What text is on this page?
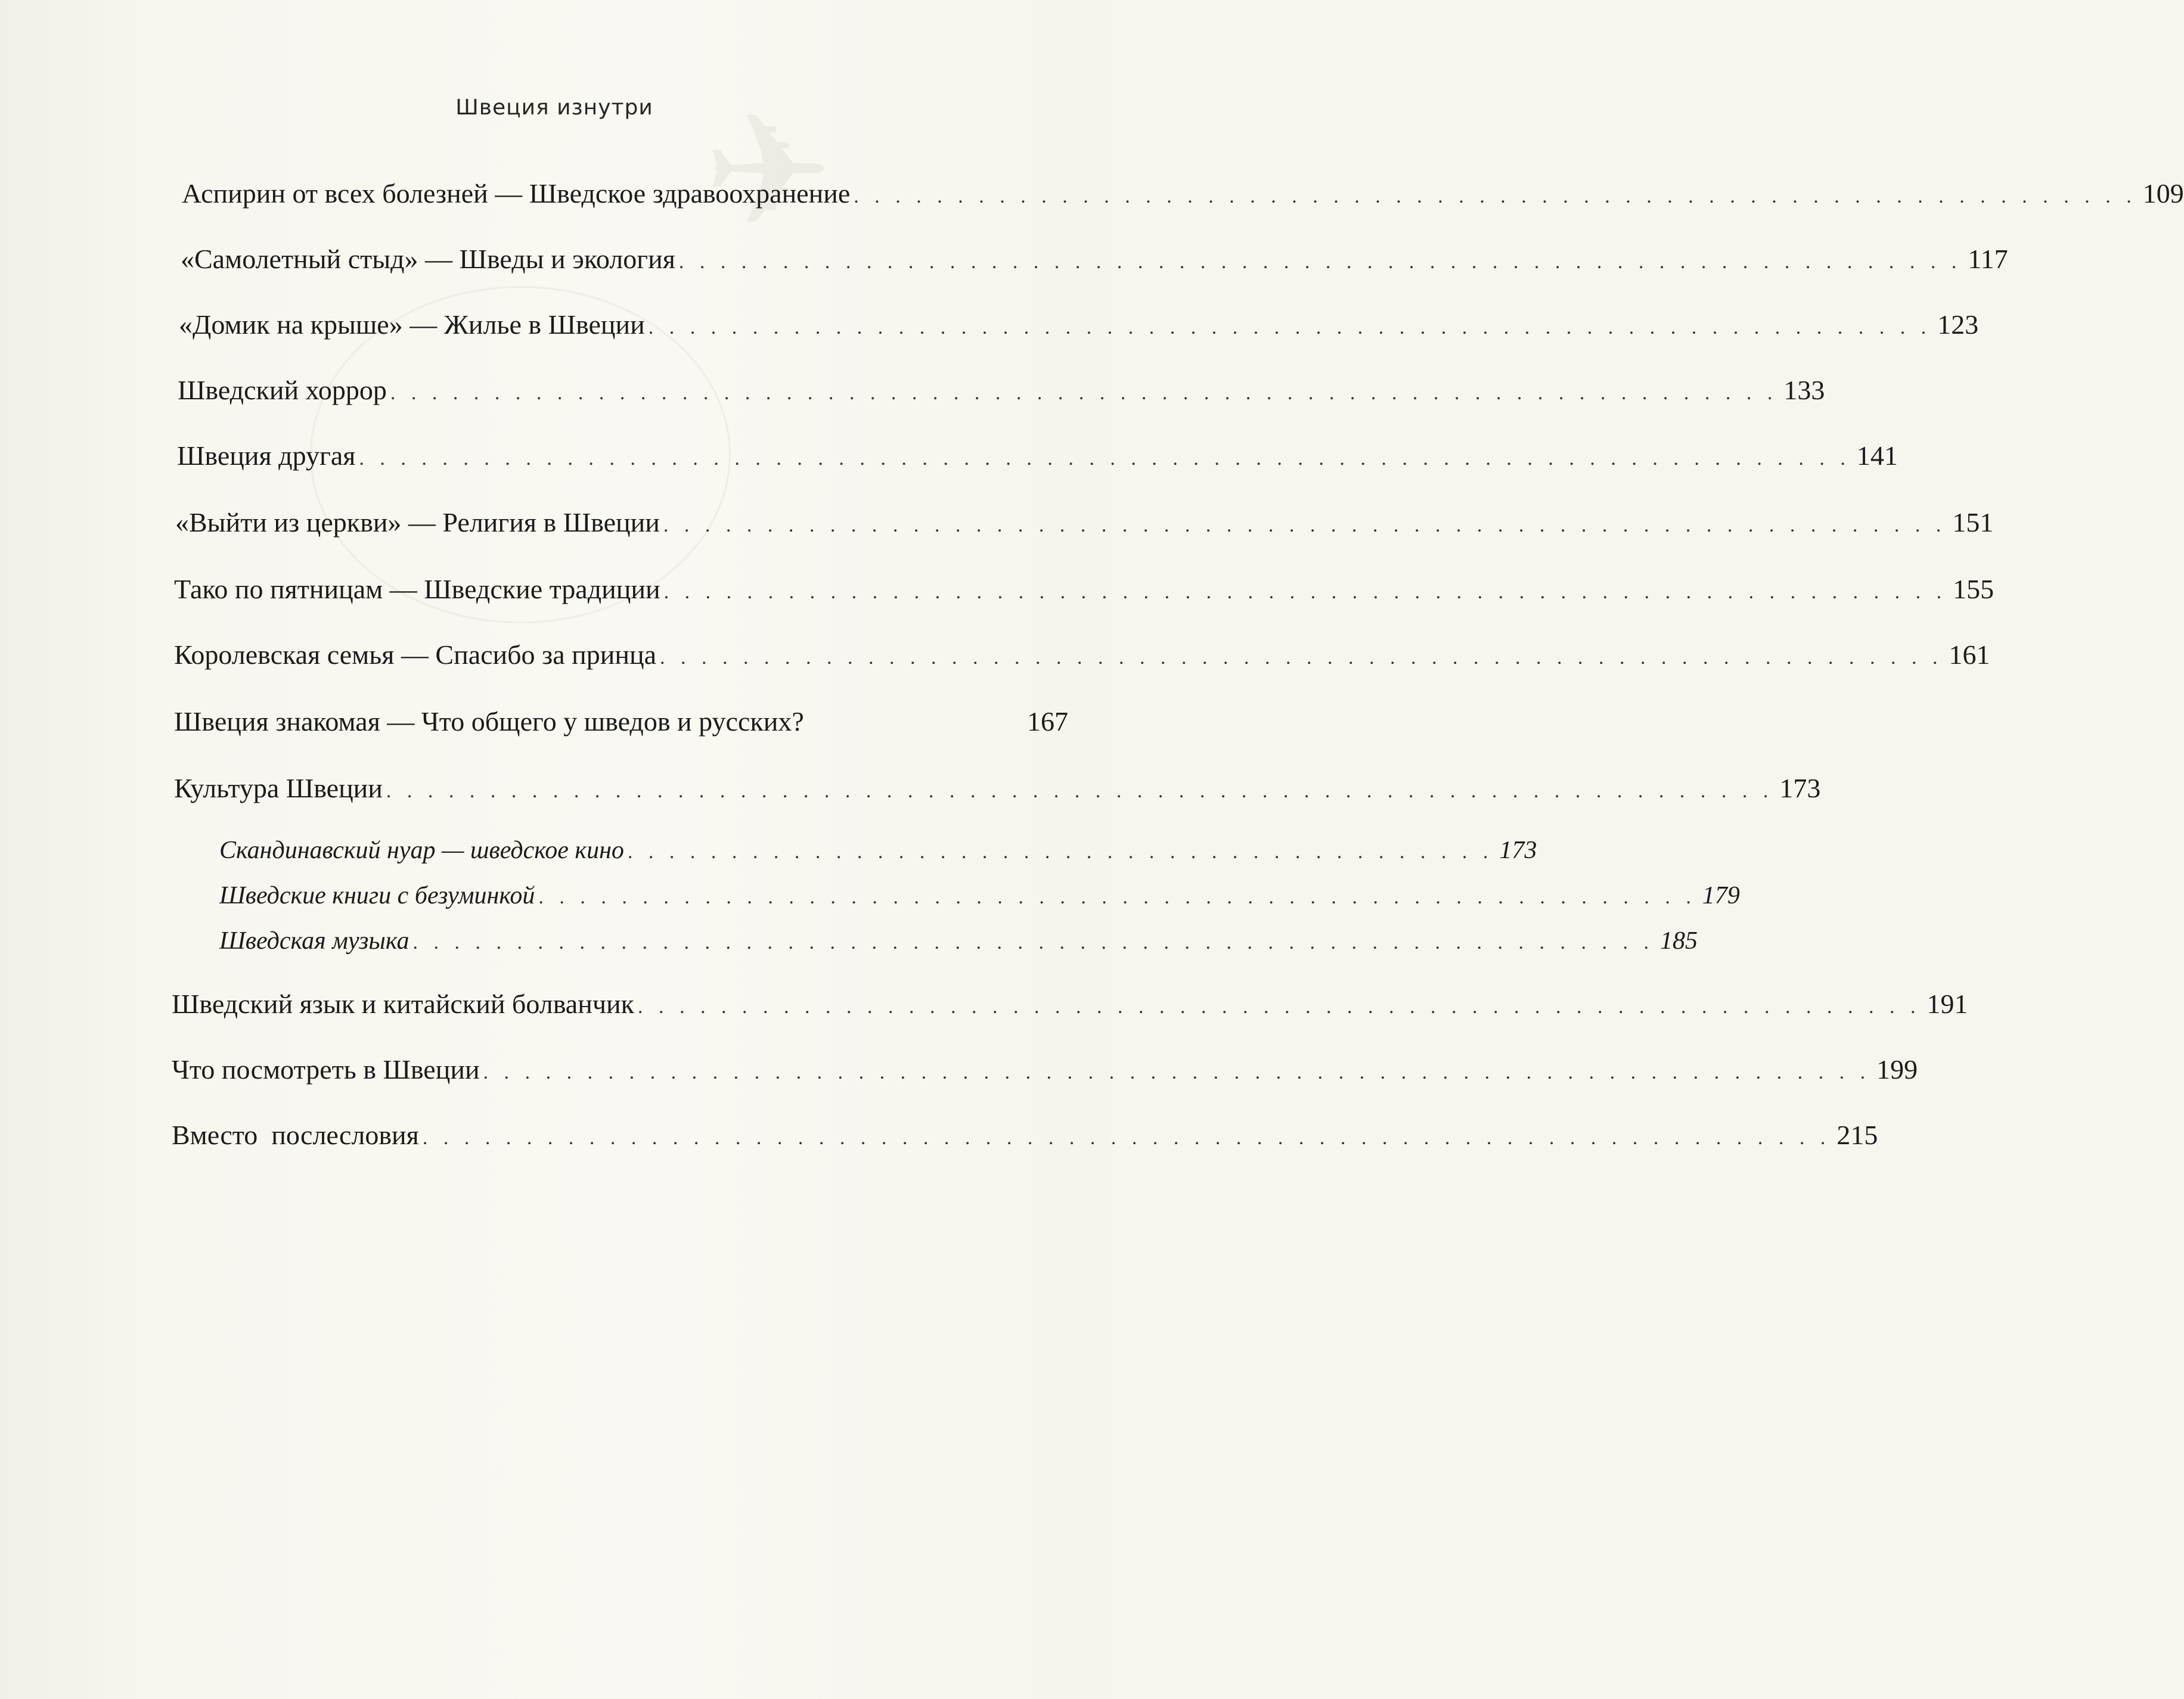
✈
Швеция изнутри
Аспирин от всех болезней — Шведское здравоохранение . . . . . . . . . . . . . . . . . . . . . . . . . . . . . . . . . . . . . . . . . . . . . . . . . . . . . . . . . . . . . . 109
«Самолетный стыд» — Шведы и экология . . . . . . . . . . . . . . . . . . . . . . . . . . . . . . . . . . . . . . . . . . . . . . . . . . . . . . . . . . . . . . 117
«Домик на крыше» — Жилье в Швеции . . . . . . . . . . . . . . . . . . . . . . . . . . . . . . . . . . . . . . . . . . . . . . . . . . . . . . . . . . . . . . 123
Шведский хоррор . . . . . . . . . . . . . . . . . . . . . . . . . . . . . . . . . . . . . . . . . . . . . . . . . . . . . . . . . . . . . . . . . . . 133
Швеция другая . . . . . . . . . . . . . . . . . . . . . . . . . . . . . . . . . . . . . . . . . . . . . . . . . . . . . . . . . . . . . . . . . . . . . . . . 141
«Выйти из церкви» — Религия в Швеции . . . . . . . . . . . . . . . . . . . . . . . . . . . . . . . . . . . . . . . . . . . . . . . . . . . . . . . . . . . . . . 151
Тако по пятницам — Шведские традиции . . . . . . . . . . . . . . . . . . . . . . . . . . . . . . . . . . . . . . . . . . . . . . . . . . . . . . . . . . . . . . 155
Королевская семья — Спасибо за принца . . . . . . . . . . . . . . . . . . . . . . . . . . . . . . . . . . . . . . . . . . . . . . . . . . . . . . . . . . . . . . 161
Швеция знакомая — Что общего у шведов и русских?	167
Культура Швеции . . . . . . . . . . . . . . . . . . . . . . . . . . . . . . . . . . . . . . . . . . . . . . . . . . . . . . . . . . . . . . . . . . . 173
Скандинавский нуар — шведское кино . . . . . . . . . . . . . . . . . . . . . . . . . . . . . . . . . . . . . . . . . . 173
Шведские книги с безуминкой . . . . . . . . . . . . . . . . . . . . . . . . . . . . . . . . . . . . . . . . . . . . . . . . . . . . . . . . 179
Шведская музыка . . . . . . . . . . . . . . . . . . . . . . . . . . . . . . . . . . . . . . . . . . . . . . . . . . . . . . . . . . . . 185
Шведский язык и китайский болванчик . . . . . . . . . . . . . . . . . . . . . . . . . . . . . . . . . . . . . . . . . . . . . . . . . . . . . . . . . . . . . . 191
Что посмотреть в Швеции . . . . . . . . . . . . . . . . . . . . . . . . . . . . . . . . . . . . . . . . . . . . . . . . . . . . . . . . . . . . . . . . . . . 199
Вместо  послесловия . . . . . . . . . . . . . . . . . . . . . . . . . . . . . . . . . . . . . . . . . . . . . . . . . . . . . . . . . . . . . . . . . . . . 215
